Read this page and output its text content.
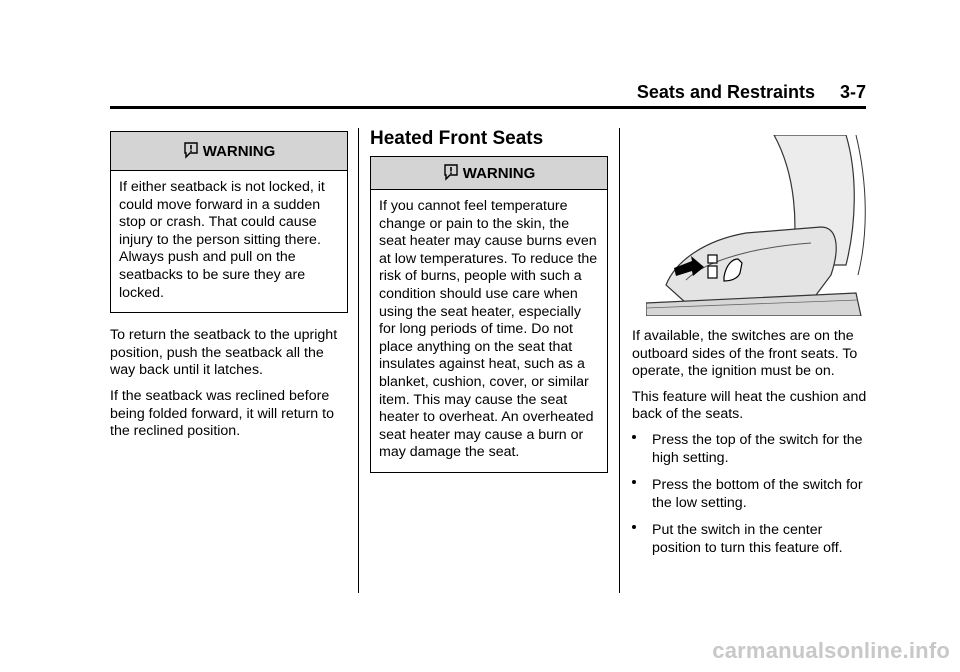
Seats and Restraints     3-7
WARNING
If either seatback is not locked, it could move forward in a sudden stop or crash. That could cause injury to the person sitting there. Always push and pull on the seatbacks to be sure they are locked.

To return the seatback to the upright position, push the seatback all the way back until it latches.

If the seatback was reclined before being folded forward, it will return to the reclined position.

Heated Front Seats
WARNING
If you cannot feel temperature change or pain to the skin, the seat heater may cause burns even at low temperatures. To reduce the risk of burns, people with such a condition should use care when using the seat heater, especially for long periods of time. Do not place anything on the seat that insulates against heat, such as a blanket, cushion, cover, or similar item. This may cause the seat heater to overheat. An overheated seat heater may cause a burn or may damage the seat.

If available, the switches are on the outboard sides of the front seats. To operate, the ignition must be on.

This feature will heat the cushion and back of the seats.

Press the top of the switch for the high setting.
Press the bottom of the switch for the low setting.
Put the switch in the center position to turn this feature off.
carmanualsonline.info
